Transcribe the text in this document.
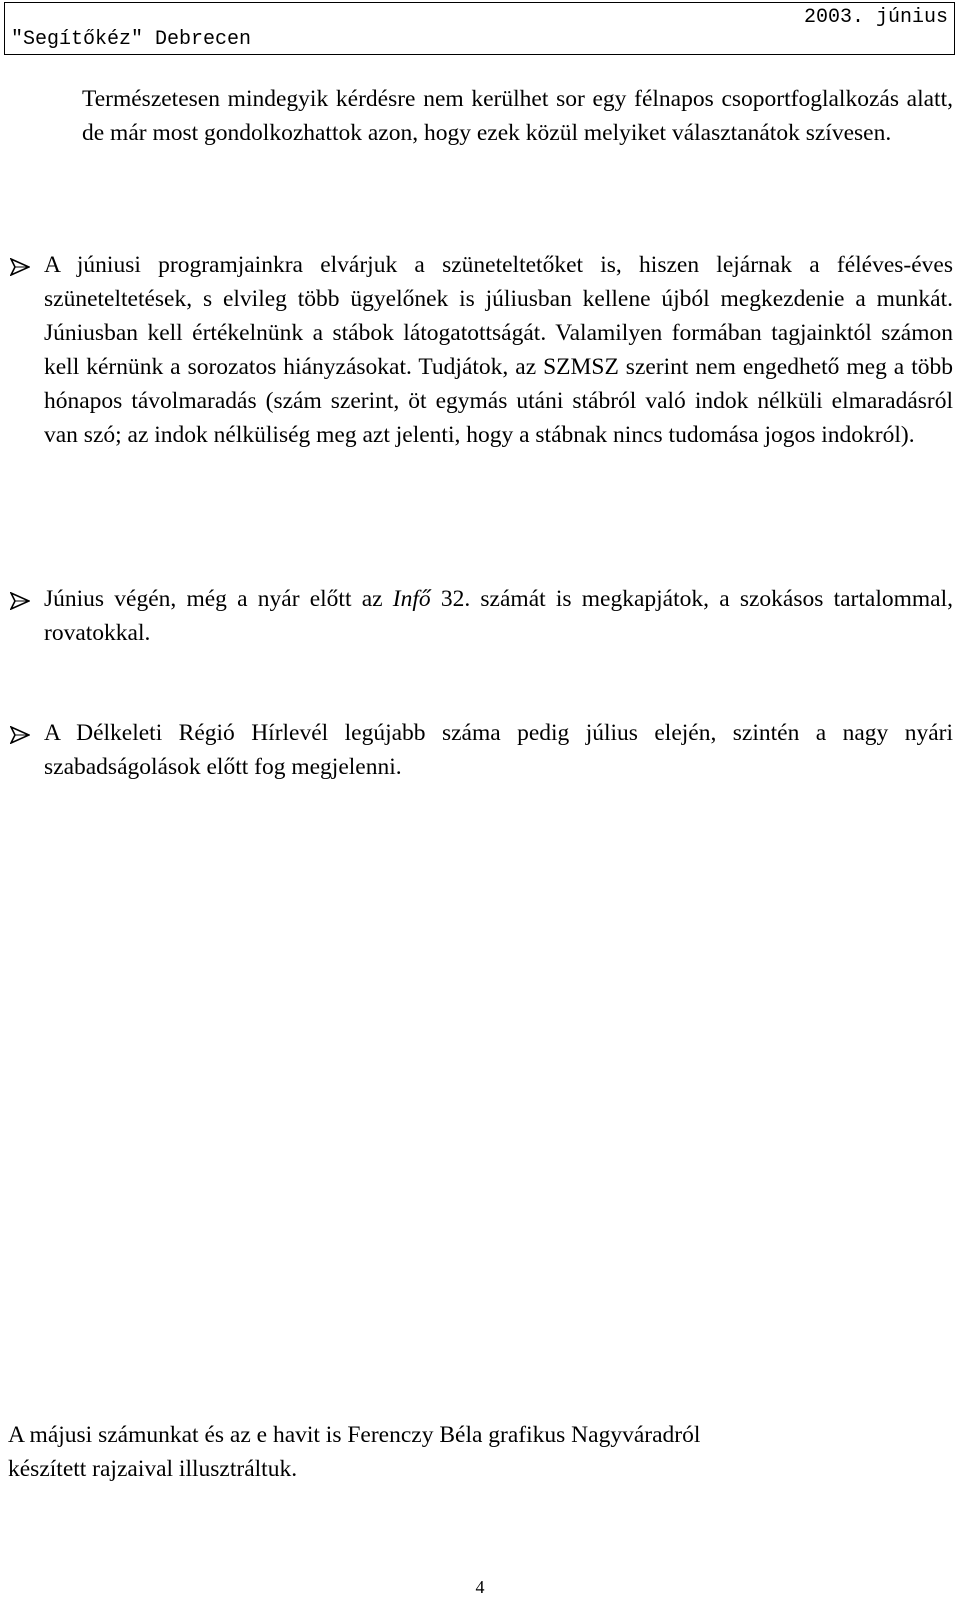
"Segítőkéz" Debrecen
2003. június

Természetesen mindegyik kérdésre nem kerülhet sor egy félnapos csoportfoglalkozás alatt, de már most gondolkozhattok azon, hogy ezek közül melyiket választanátok szívesen.

A júniusi programjainkra elvárjuk a szüneteltetőket is, hiszen lejárnak a féléves-éves szüneteltetések, s elvileg több ügyelőnek is júliusban kellene újból megkezdenie a munkát. Júniusban kell értékelnünk a stábok látogatottságát. Valamilyen formában tagjainktól számon kell kérnünk a sorozatos hiányzásokat. Tudjátok, az SZMSZ szerint nem engedhető meg a több hónapos távolmaradás (szám szerint, öt egymás utáni stábról való indok nélküli elmaradásról van szó; az indok nélküliség meg azt jelenti, hogy a stábnak nincs tudomása jogos indokról).
Június végén, még a nyár előtt az Infő 32. számát is megkapjátok, a szokásos tartalommal, rovatokkal.
A Délkeleti Régió Hírlevél legújabb száma pedig július elején, szintén a nagy nyári szabadságolások előtt fog megjelenni.
A májusi számunkat és az e havit is Ferenczy Béla grafikus Nagyváradról
készített rajzaival illusztráltuk.
4
